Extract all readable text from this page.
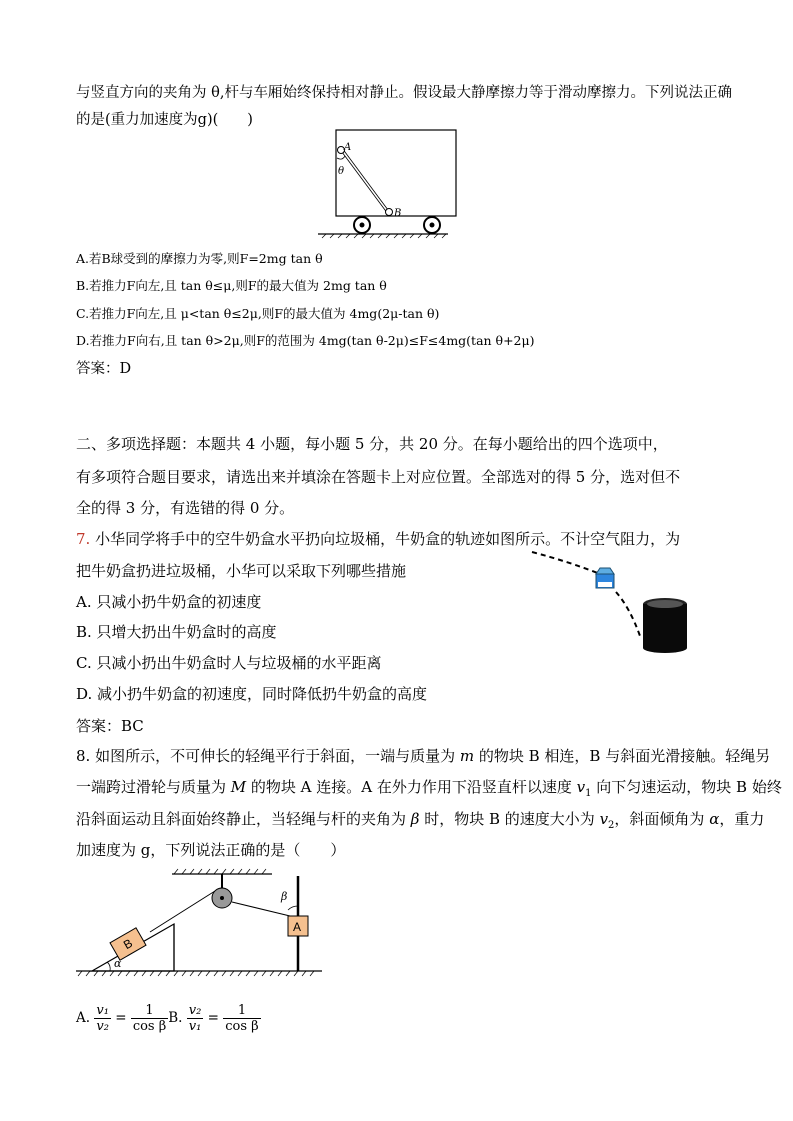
与竖直方向的夹角为 θ,杆与车厢始终保持相对静止。假设最大静摩擦力等于滑动摩擦力。下列说法正确
的是(重力加速度为g)(　　)
A
B
θ
A.若B球受到的摩擦力为零,则F=2mg tan θ
B.若推力F向左,且 tan θ≤μ,则F的最大值为 2mg tan θ
C.若推力F向左,且 μ<tan θ≤2μ,则F的最大值为 4mg(2μ-tan θ)
D.若推力F向右,且 tan θ>2μ,则F的范围为 4mg(tan θ-2μ)≤F≤4mg(tan θ+2μ)
答案：D
二、多项选择题：本题共 4 小题，每小题 5 分，共 20 分。在每小题给出的四个选项中，
有多项符合题目要求，请选出来并填涂在答题卡上对应位置。全部选对的得 5 分，选对但不
全的得 3 分，有选错的得 0 分。
7. 小华同学将手中的空牛奶盒水平扔向垃圾桶，牛奶盒的轨迹如图所示。不计空气阻力，为
把牛奶盒扔进垃圾桶，小华可以采取下列哪些措施
A. 只减小扔牛奶盒的初速度
B. 只增大扔出牛奶盒时的高度
C. 只减小扔出牛奶盒时人与垃圾桶的水平距离
D. 减小扔牛奶盒的初速度，同时降低扔牛奶盒的高度
答案：BC
8. 如图所示，不可伸长的轻绳平行于斜面，一端与质量为 m 的物块 B 相连，B 与斜面光滑接触。轻绳另
一端跨过滑轮与质量为 M 的物块 A 连接。A 在外力作用下沿竖直杆以速度 $v_1$ 向下匀速运动，物块 B 始终
沿斜面运动且斜面始终静止，当轻绳与杆的夹角为 β 时，物块 B 的速度大小为 $v_2$，斜面倾角为 α，重力
加速度为 g，下列说法正确的是（　　）
B
A
β
α
A. $\frac{\text{v₁}}{\text{v₂}} = \frac{1}{\text{cos β}} B$. $\frac{\text{v₂}}{\text{v₁}} = \frac{1}{\text{cos β}}$
